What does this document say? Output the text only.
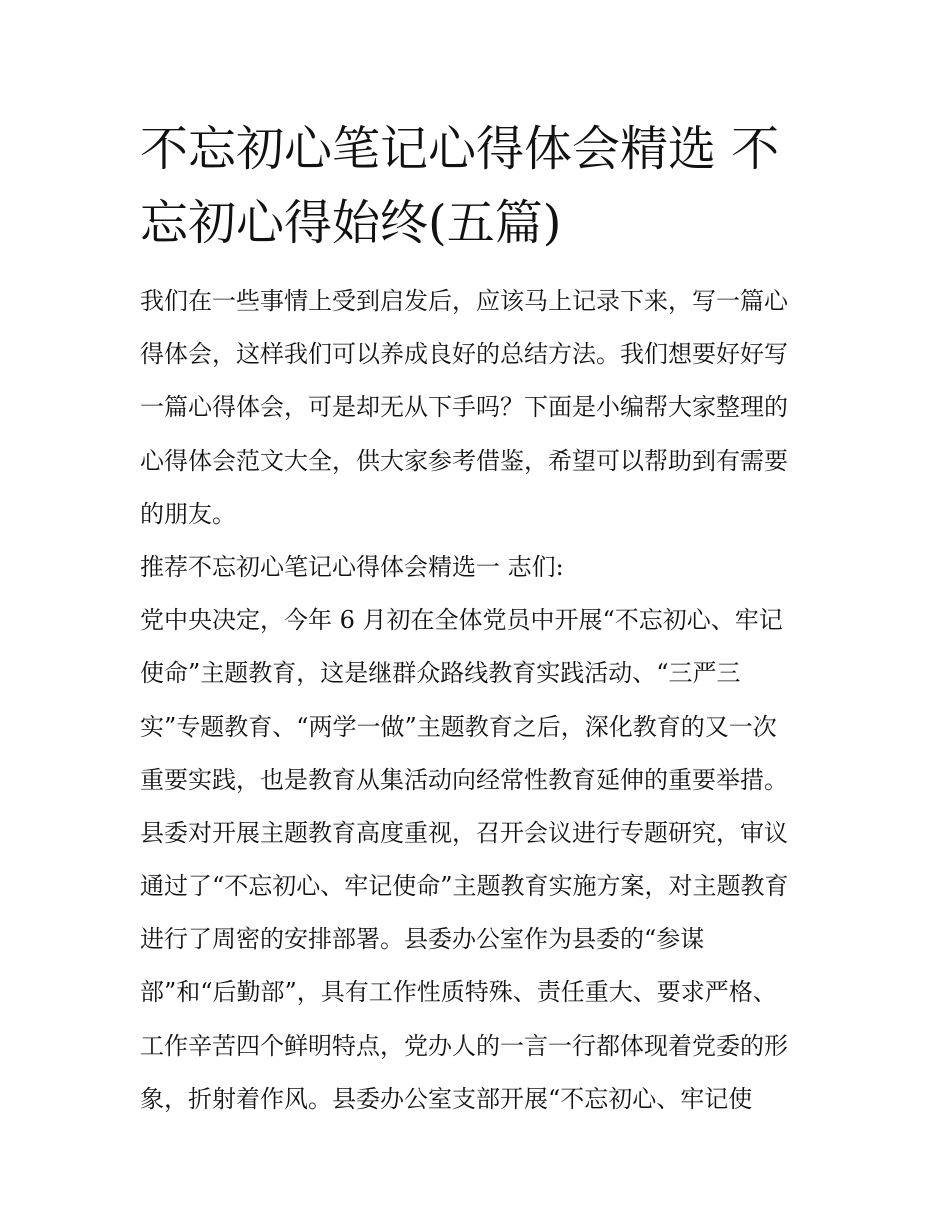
不忘初心笔记心得体会精选 不
忘初心得始终(五篇)
我们在一些事情上受到启发后，应该马上记录下来，写一篇心
得体会，这样我们可以养成良好的总结方法。我们想要好好写
一篇心得体会，可是却无从下手吗？下面是小编帮大家整理的
心得体会范文大全，供大家参考借鉴，希望可以帮助到有需要
的朋友。
推荐不忘初心笔记心得体会精选一 志们:
党中央决定，今年 6 月初在全体党员中开展“不忘初心、牢记
使命”主题教育，这是继群众路线教育实践活动、“三严三
实”专题教育、“两学一做”主题教育之后，深化教育的又一次
重要实践，也是教育从集活动向经常性教育延伸的重要举措。
县委对开展主题教育高度重视，召开会议进行专题研究，审议
通过了“不忘初心、牢记使命”主题教育实施方案，对主题教育
进行了周密的安排部署。县委办公室作为县委的“参谋
部”和“后勤部”，具有工作性质特殊、责任重大、要求严格、
工作辛苦四个鲜明特点，党办人的一言一行都体现着党委的形
象，折射着作风。县委办公室支部开展“不忘初心、牢记使
